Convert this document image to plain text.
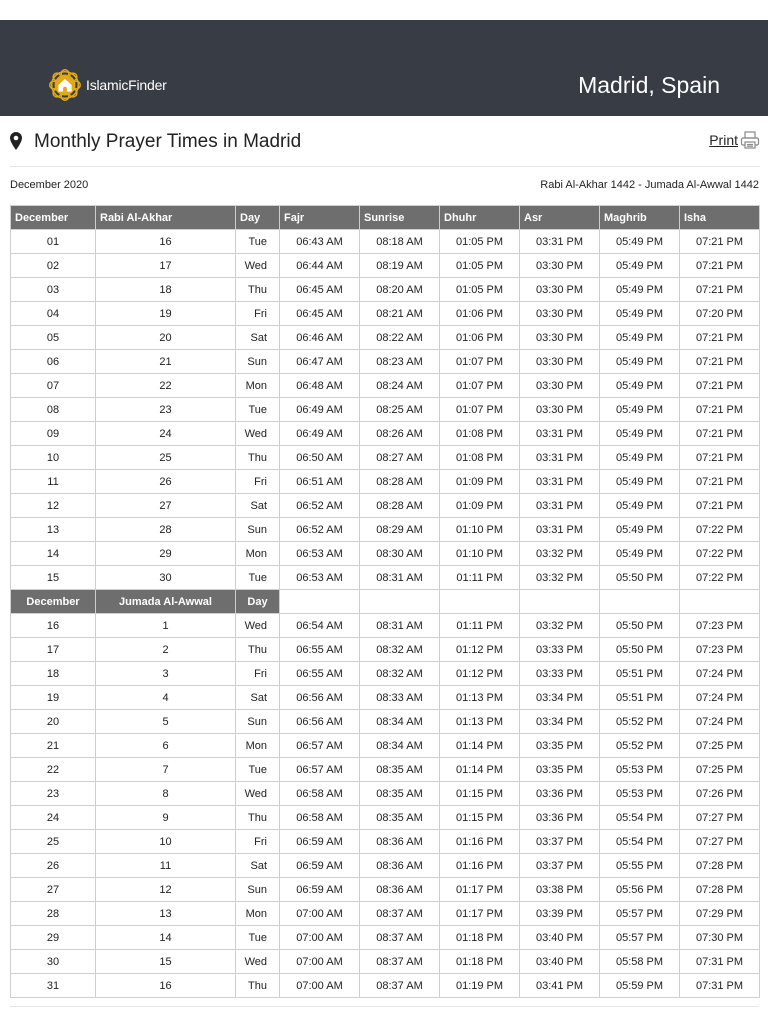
IslamicFinder	Madrid, Spain
Monthly Prayer Times in Madrid	Print
December 2020	Rabi Al-Akhar 1442 - Jumada Al-Awwal 1442
December	Rabi Al-Akhar	Day	Fajr	Sunrise	Dhuhr	Asr	Maghrib	Isha
01	16	Tue	06:43 AM	08:18 AM	01:05 PM	03:31 PM	05:49 PM	07:21 PM
02	17	Wed	06:44 AM	08:19 AM	01:05 PM	03:30 PM	05:49 PM	07:21 PM
03	18	Thu	06:45 AM	08:20 AM	01:05 PM	03:30 PM	05:49 PM	07:21 PM
04	19	Fri	06:45 AM	08:21 AM	01:06 PM	03:30 PM	05:49 PM	07:20 PM
05	20	Sat	06:46 AM	08:22 AM	01:06 PM	03:30 PM	05:49 PM	07:21 PM
06	21	Sun	06:47 AM	08:23 AM	01:07 PM	03:30 PM	05:49 PM	07:21 PM
07	22	Mon	06:48 AM	08:24 AM	01:07 PM	03:30 PM	05:49 PM	07:21 PM
08	23	Tue	06:49 AM	08:25 AM	01:07 PM	03:30 PM	05:49 PM	07:21 PM
09	24	Wed	06:49 AM	08:26 AM	01:08 PM	03:31 PM	05:49 PM	07:21 PM
10	25	Thu	06:50 AM	08:27 AM	01:08 PM	03:31 PM	05:49 PM	07:21 PM
11	26	Fri	06:51 AM	08:28 AM	01:09 PM	03:31 PM	05:49 PM	07:21 PM
12	27	Sat	06:52 AM	08:28 AM	01:09 PM	03:31 PM	05:49 PM	07:21 PM
13	28	Sun	06:52 AM	08:29 AM	01:10 PM	03:31 PM	05:49 PM	07:22 PM
14	29	Mon	06:53 AM	08:30 AM	01:10 PM	03:32 PM	05:49 PM	07:22 PM
15	30	Tue	06:53 AM	08:31 AM	01:11 PM	03:32 PM	05:50 PM	07:22 PM
December	Jumada Al-Awwal	Day						
16	1	Wed	06:54 AM	08:31 AM	01:11 PM	03:32 PM	05:50 PM	07:23 PM
17	2	Thu	06:55 AM	08:32 AM	01:12 PM	03:33 PM	05:50 PM	07:23 PM
18	3	Fri	06:55 AM	08:32 AM	01:12 PM	03:33 PM	05:51 PM	07:24 PM
19	4	Sat	06:56 AM	08:33 AM	01:13 PM	03:34 PM	05:51 PM	07:24 PM
20	5	Sun	06:56 AM	08:34 AM	01:13 PM	03:34 PM	05:52 PM	07:24 PM
21	6	Mon	06:57 AM	08:34 AM	01:14 PM	03:35 PM	05:52 PM	07:25 PM
22	7	Tue	06:57 AM	08:35 AM	01:14 PM	03:35 PM	05:53 PM	07:25 PM
23	8	Wed	06:58 AM	08:35 AM	01:15 PM	03:36 PM	05:53 PM	07:26 PM
24	9	Thu	06:58 AM	08:35 AM	01:15 PM	03:36 PM	05:54 PM	07:27 PM
25	10	Fri	06:59 AM	08:36 AM	01:16 PM	03:37 PM	05:54 PM	07:27 PM
26	11	Sat	06:59 AM	08:36 AM	01:16 PM	03:37 PM	05:55 PM	07:28 PM
27	12	Sun	06:59 AM	08:36 AM	01:17 PM	03:38 PM	05:56 PM	07:28 PM
28	13	Mon	07:00 AM	08:37 AM	01:17 PM	03:39 PM	05:57 PM	07:29 PM
29	14	Tue	07:00 AM	08:37 AM	01:18 PM	03:40 PM	05:57 PM	07:30 PM
30	15	Wed	07:00 AM	08:37 AM	01:18 PM	03:40 PM	05:58 PM	07:31 PM
31	16	Thu	07:00 AM	08:37 AM	01:19 PM	03:41 PM	05:59 PM	07:31 PM
